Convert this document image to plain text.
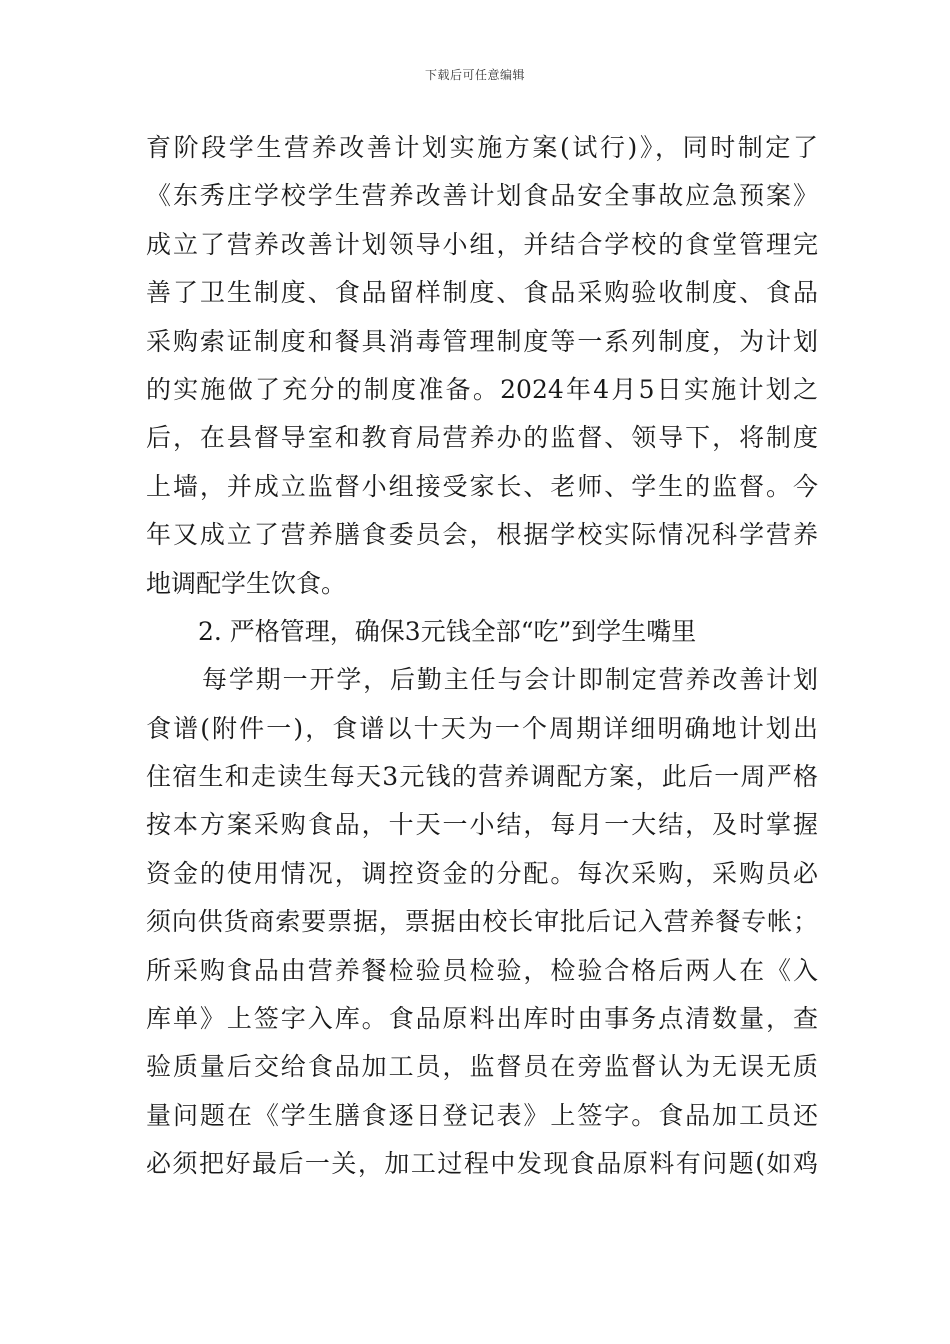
下载后可任意编辑
育阶段学生营养改善计划实施方案(试行)》，同时制定了
《东秀庄学校学生营养改善计划食品安全事故应急预案》
成立了营养改善计划领导小组，并结合学校的食堂管理完
善了卫生制度、食品留样制度、食品采购验收制度、食品
采购索证制度和餐具消毒管理制度等一系列制度，为计划
的实施做了充分的制度准备。2024年4月5日实施计划之
后，在县督导室和教育局营养办的监督、领导下，将制度
上墙，并成立监督小组接受家长、老师、学生的监督。今
年又成立了营养膳食委员会，根据学校实际情况科学营养
地调配学生饮食。
2. 严格管理，确保3元钱全部“吃”到学生嘴里
每学期一开学，后勤主任与会计即制定营养改善计划
食谱(附件一)，食谱以十天为一个周期详细明确地计划出
住宿生和走读生每天3元钱的营养调配方案，此后一周严格
按本方案采购食品，十天一小结，每月一大结，及时掌握
资金的使用情况，调控资金的分配。每次采购，采购员必
须向供货商索要票据，票据由校长审批后记入营养餐专帐；
所采购食品由营养餐检验员检验，检验合格后两人在《入
库单》上签字入库。食品原料出库时由事务点清数量，查
验质量后交给食品加工员，监督员在旁监督认为无误无质
量问题在《学生膳食逐日登记表》上签字。食品加工员还
必须把好最后一关，加工过程中发现食品原料有问题(如鸡
